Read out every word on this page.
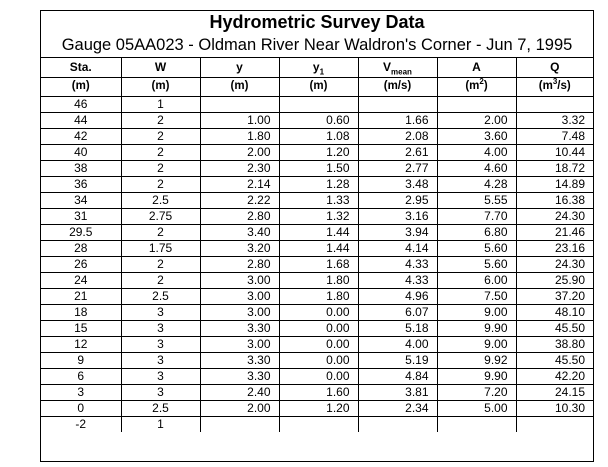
Hydrometric Survey Data
Gauge 05AA023 - Oldman River Near Waldron's Corner - Jun 7, 1995
Sta.	W	y	$y_1$	$V_{mean}$	A	Q
(m)	(m)	(m)	(m)	(m/s)	$(m^2)$	$(m^3/s)$
46	1					
44	2	1.00	0.60	1.66	2.00	3.32
42	2	1.80	1.08	2.08	3.60	7.48
40	2	2.00	1.20	2.61	4.00	10.44
38	2	2.30	1.50	2.77	4.60	18.72
36	2	2.14	1.28	3.48	4.28	14.89
34	2.5	2.22	1.33	2.95	5.55	16.38
31	2.75	2.80	1.32	3.16	7.70	24.30
29.5	2	3.40	1.44	3.94	6.80	21.46
28	1.75	3.20	1.44	4.14	5.60	23.16
26	2	2.80	1.68	4.33	5.60	24.30
24	2	3.00	1.80	4.33	6.00	25.90
21	2.5	3.00	1.80	4.96	7.50	37.20
18	3	3.00	0.00	6.07	9.00	48.10
15	3	3.30	0.00	5.18	9.90	45.50
12	3	3.00	0.00	4.00	9.00	38.80
9	3	3.30	0.00	5.19	9.92	45.50
6	3	3.30	0.00	4.84	9.90	42.20
3	3	2.40	1.60	3.81	7.20	24.15
0	2.5	2.00	1.20	2.34	5.00	10.30
-2	1					
